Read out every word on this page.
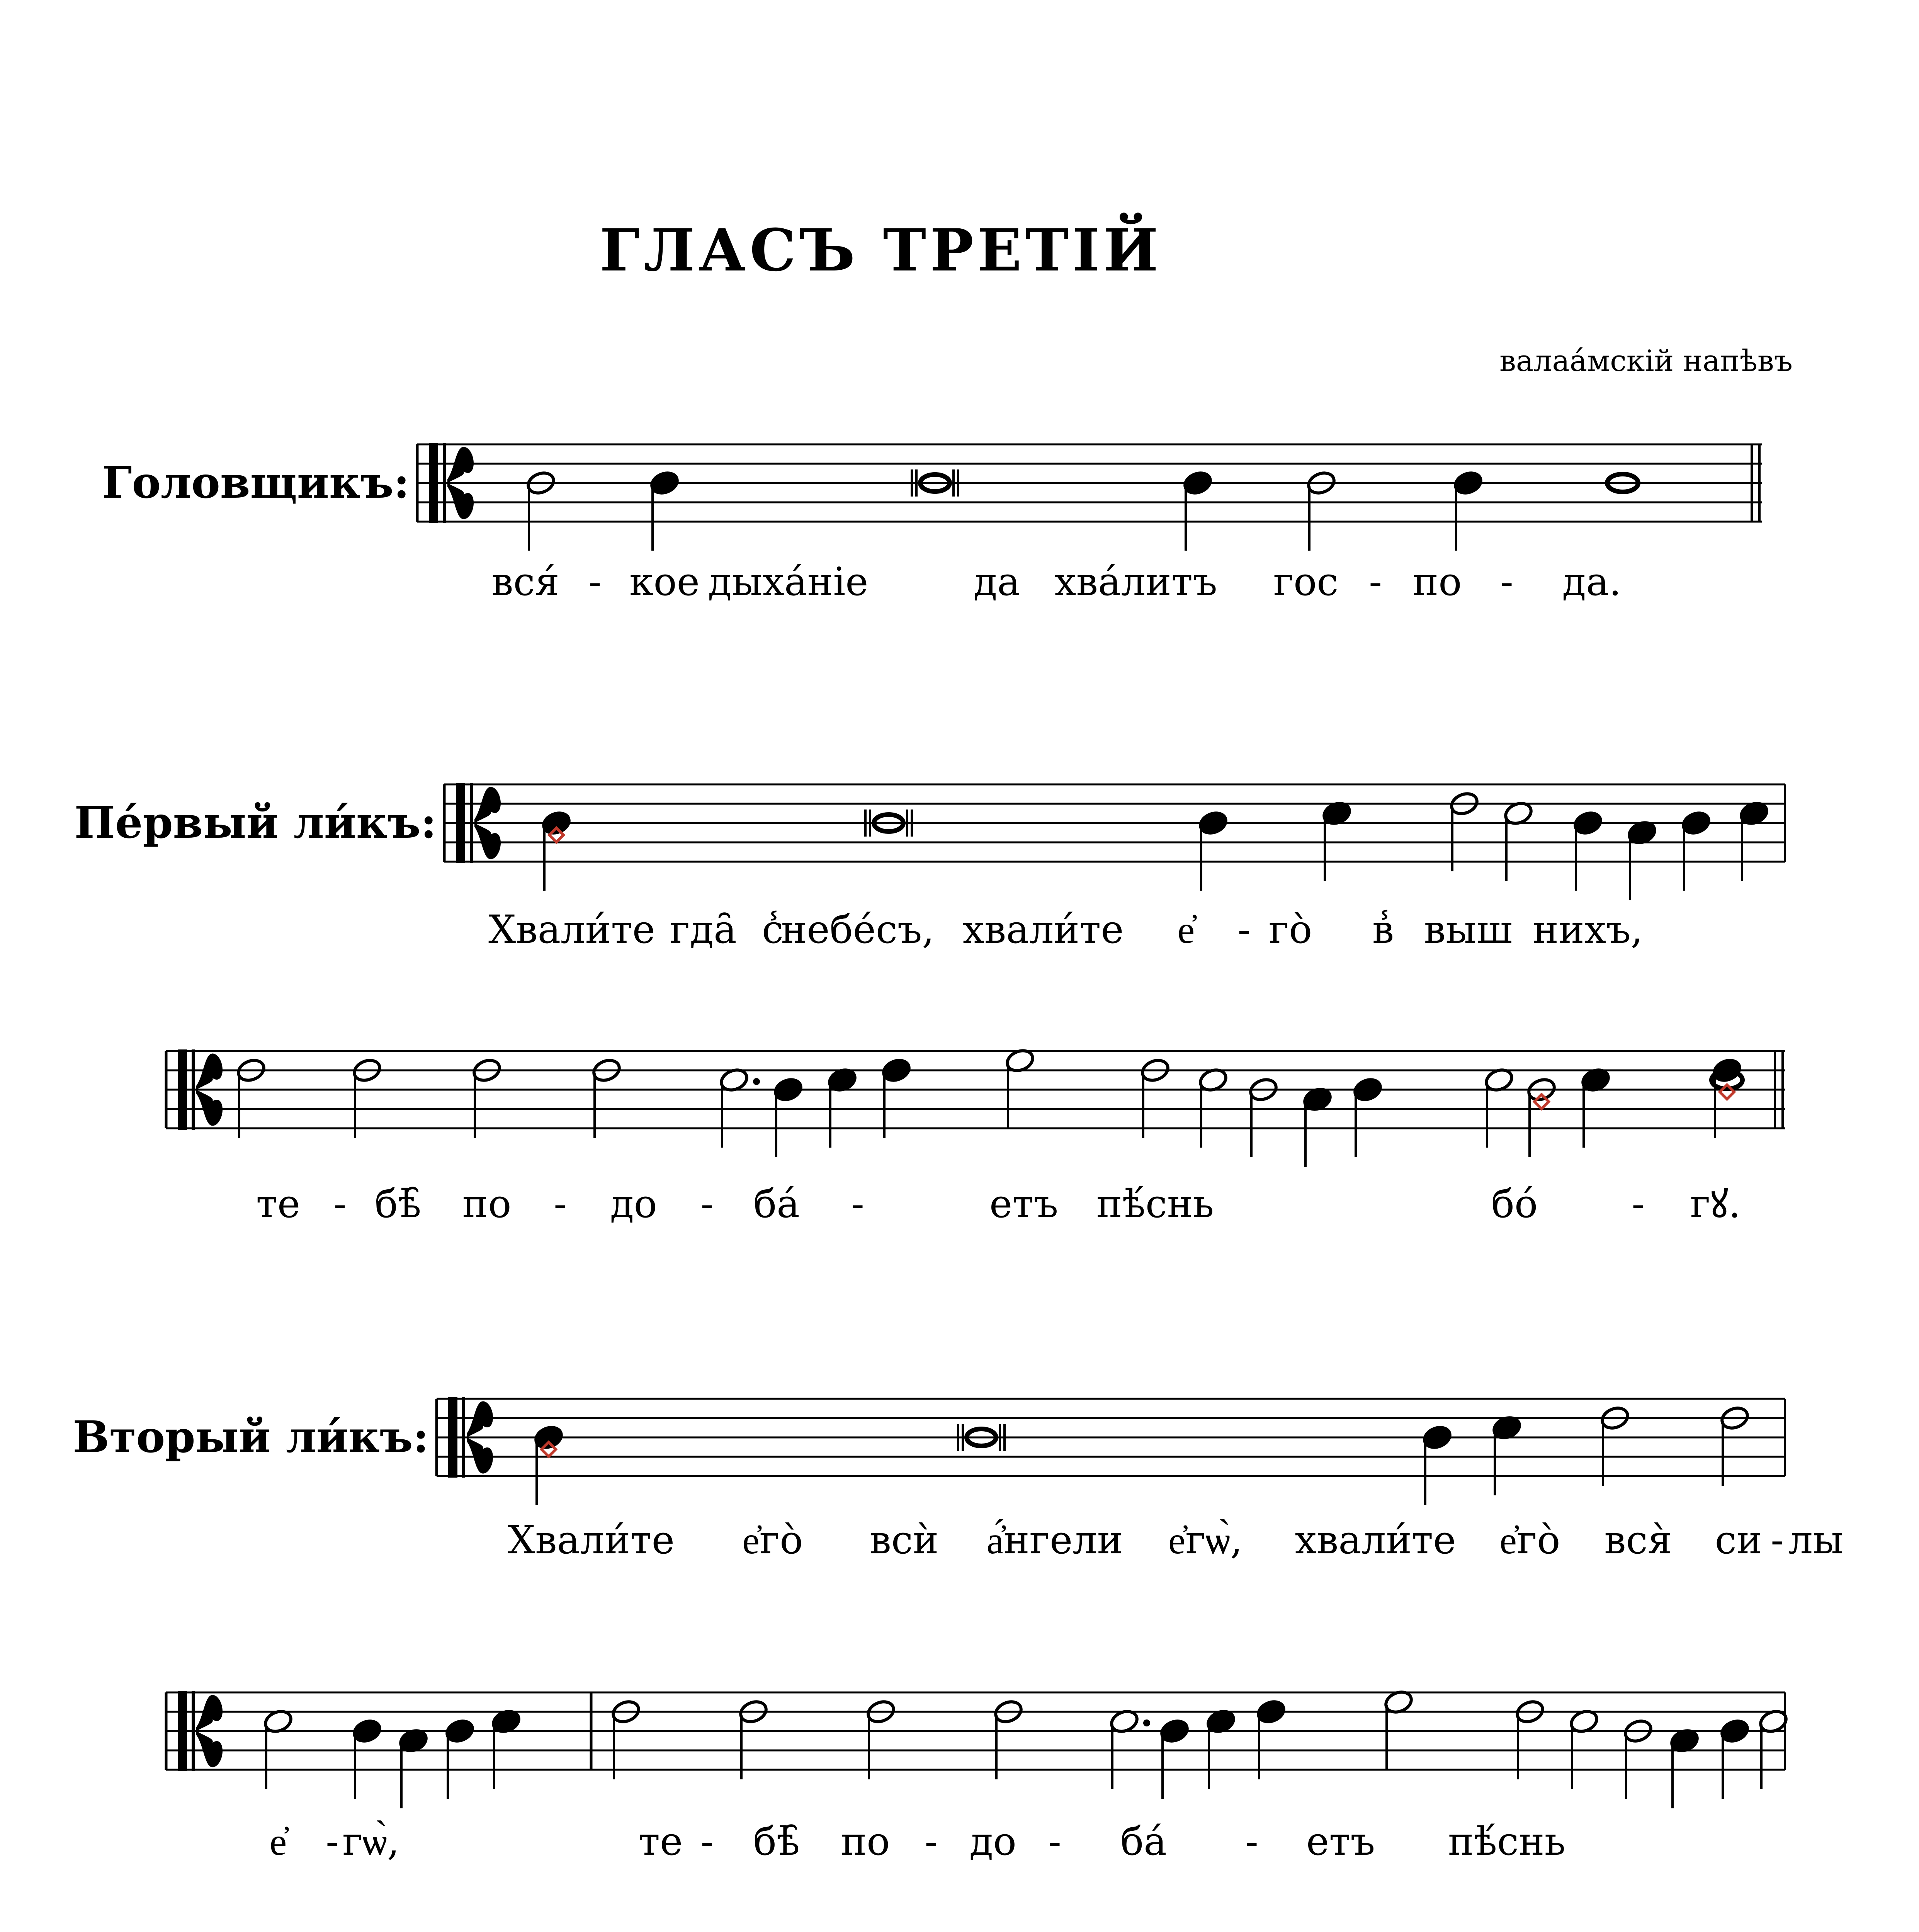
ГЛАСЪ ТРЕТІЙ
валаа́мскій напѣвъ
Головщикъ:
вся́ - кое дыха́ніе	да хва́литъ гос - по - да.
Пе́рвый ли́къ:
Хвали́те гда̑ с̾
небе́съ, хвали́те е҆ - го̀ в̾ выш нихъ,
те - бѣ̑ по - до - ба́ -	етъ пѣ́снь	бо́ - гꙋ.
Вторый ли́къ:
Хвали́те е҆го̀ всѝ а҆́нгели е҆гѡ̀, хвали́те е҆го̀ вся̀ си - лы
е҆ - гѡ̀,	те - бѣ̑ по - до - ба́ - етъ пѣ́снь
